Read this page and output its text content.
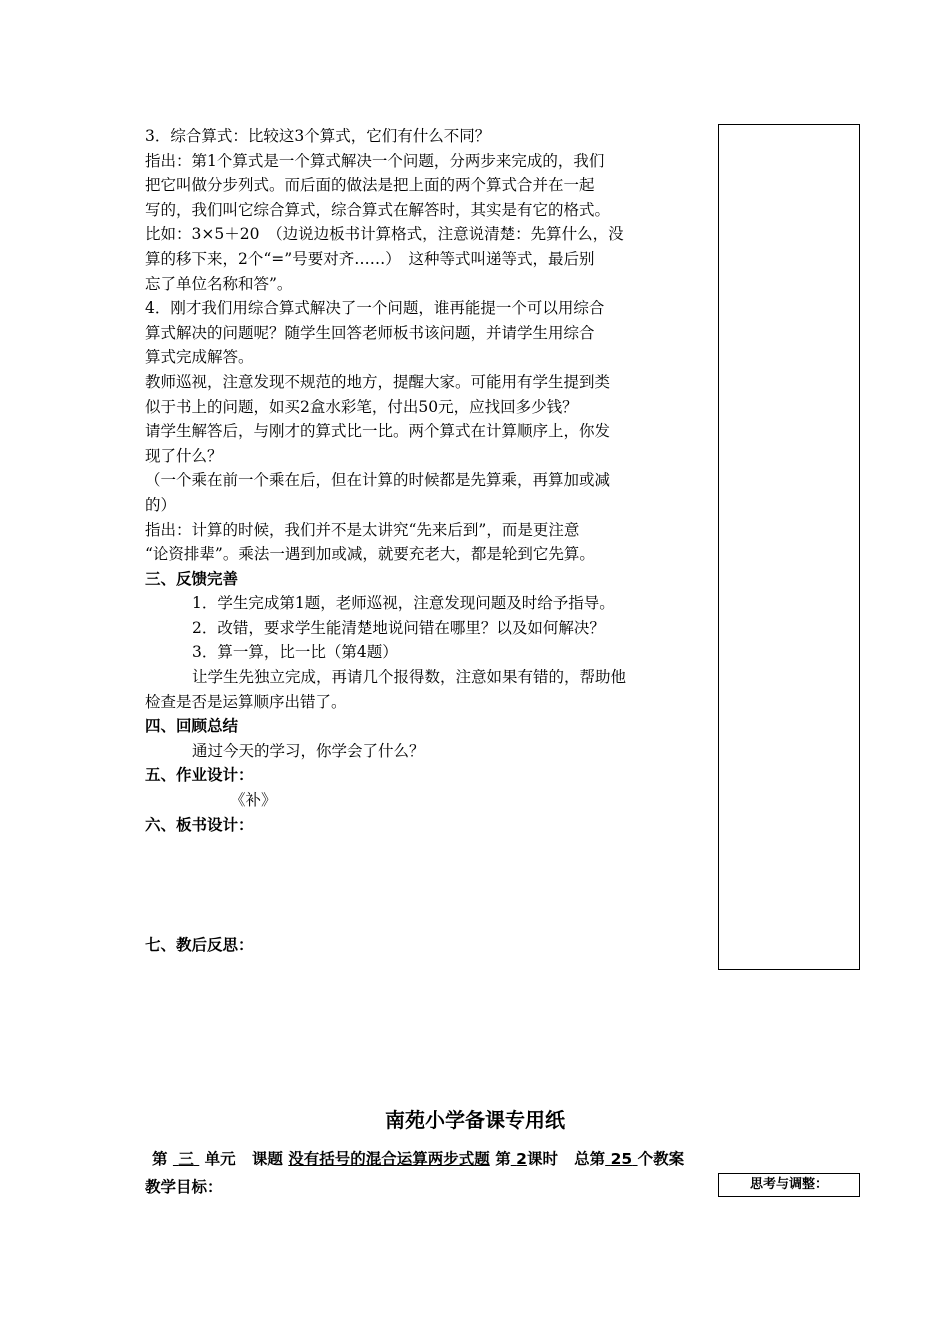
3．综合算式：比较这3个算式，它们有什么不同？

指出：第1个算式是一个算式解决一个问题，分两步来完成的，我们

把它叫做分步列式。而后面的做法是把上面的两个算式合并在一起

写的，我们叫它综合算式，综合算式在解答时，其实是有它的格式。

比如：3×5＋20　（边说边板书计算格式，注意说清楚：先算什么，没

算的移下来，2个“=”号要对齐……）　这种等式叫递等式，最后别

忘了单位名称和答”。

4．刚才我们用综合算式解决了一个问题，谁再能提一个可以用综合

算式解决的问题呢？随学生回答老师板书该问题，并请学生用综合

算式完成解答。

教师巡视，注意发现不规范的地方，提醒大家。可能用有学生提到类

似于书上的问题，如买2盒水彩笔，付出50元，应找回多少钱？

请学生解答后，与刚才的算式比一比。两个算式在计算顺序上，你发

现了什么？

（一个乘在前一个乘在后，但在计算的时候都是先算乘，再算加或减

的）

指出：计算的时候，我们并不是太讲究“先来后到”，而是更注意

“论资排辈”。乘法一遇到加或减，就要充老大，都是轮到它先算。

三、反馈完善

1．学生完成第1题，老师巡视，注意发现问题及时给予指导。

2．改错，要求学生能清楚地说问错在哪里？以及如何解决？

3．算一算，比一比（第4题）

让学生先独立完成，再请几个报得数，注意如果有错的，帮助他

检查是否是运算顺序出错了。

四、回顾总结

通过今天的学习，你学会了什么？

五、作业设计：

《补》

六、板书设计：

七、教后反思：

南苑小学备课专用纸
第 三 单元 课题 没有括号的混合运算两步式题 第 2课时 总第 25 个教案
教学目标：	思考与调整：
